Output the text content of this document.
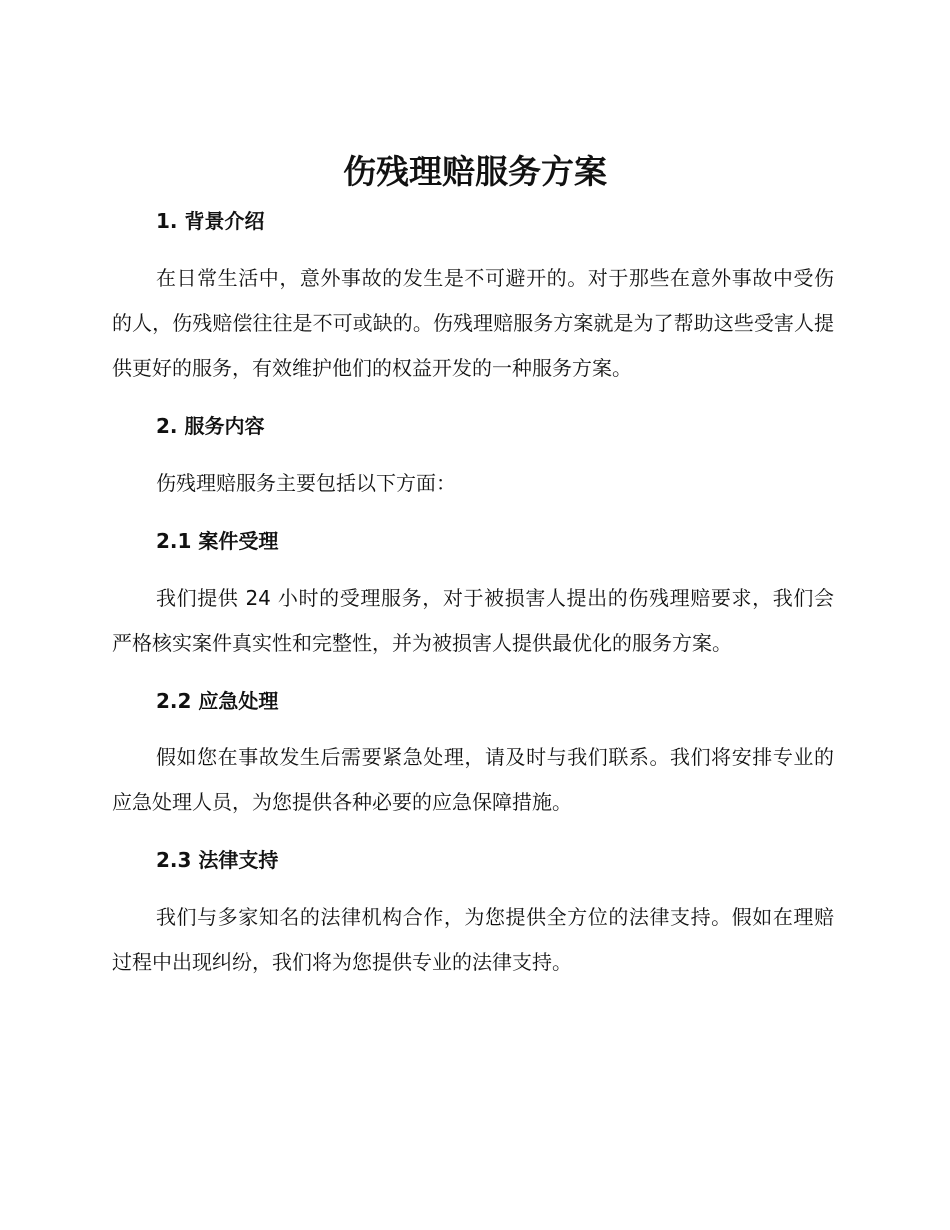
伤残理赔服务方案
1. 背景介绍

在日常生活中，意外事故的发生是不可避开的。对于那些在意外事故中受伤的人，伤残赔偿往往是不可或缺的。伤残理赔服务方案就是为了帮助这些受害人提供更好的服务，有效维护他们的权益开发的一种服务方案。

2. 服务内容

伤残理赔服务主要包括以下方面：

2.1 案件受理

我们提供 24 小时的受理服务，对于被损害人提出的伤残理赔要求，我们会严格核实案件真实性和完整性，并为被损害人提供最优化的服务方案。

2.2 应急处理

假如您在事故发生后需要紧急处理，请及时与我们联系。我们将安排专业的应急处理人员，为您提供各种必要的应急保障措施。

2.3 法律支持

我们与多家知名的法律机构合作，为您提供全方位的法律支持。假如在理赔过程中出现纠纷，我们将为您提供专业的法律支持。
